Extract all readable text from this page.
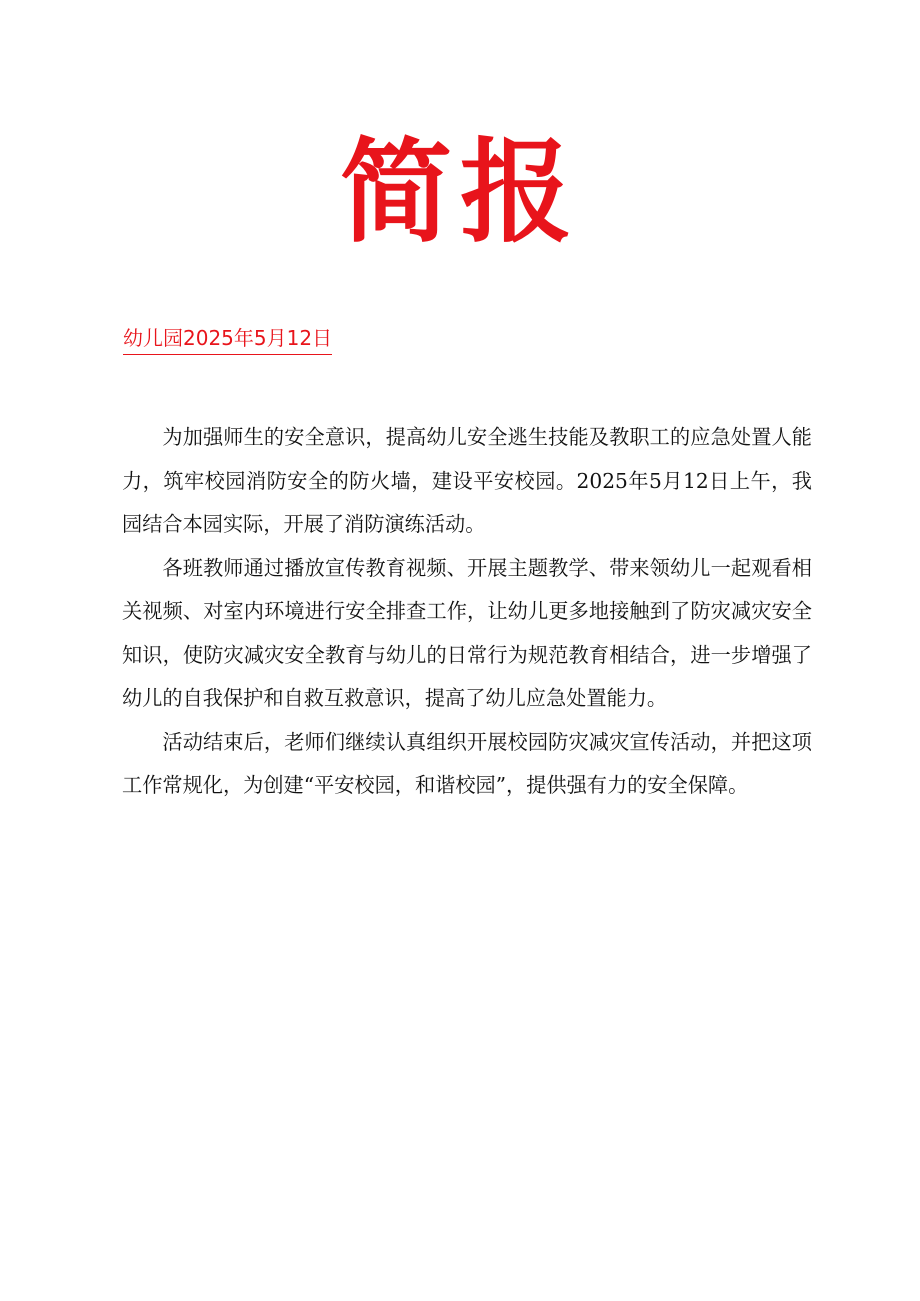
简报
幼儿园2025年5月12日

为加强师生的安全意识，提高幼儿安全逃生技能及教职工的应急处置人能力，筑牢校园消防安全的防火墙，建设平安校园。2025年5月12日上午，我园结合本园实际，开展了消防演练活动。

各班教师通过播放宣传教育视频、开展主题教学、带来领幼儿一起观看相关视频、对室内环境进行安全排查工作，让幼儿更多地接触到了防灾减灾安全知识，使防灾减灾安全教育与幼儿的日常行为规范教育相结合，进一步增强了幼儿的自我保护和自救互救意识，提高了幼儿应急处置能力。

活动结束后，老师们继续认真组织开展校园防灾减灾宣传活动，并把这项工作常规化，为创建“平安校园，和谐校园”，提供强有力的安全保障。
